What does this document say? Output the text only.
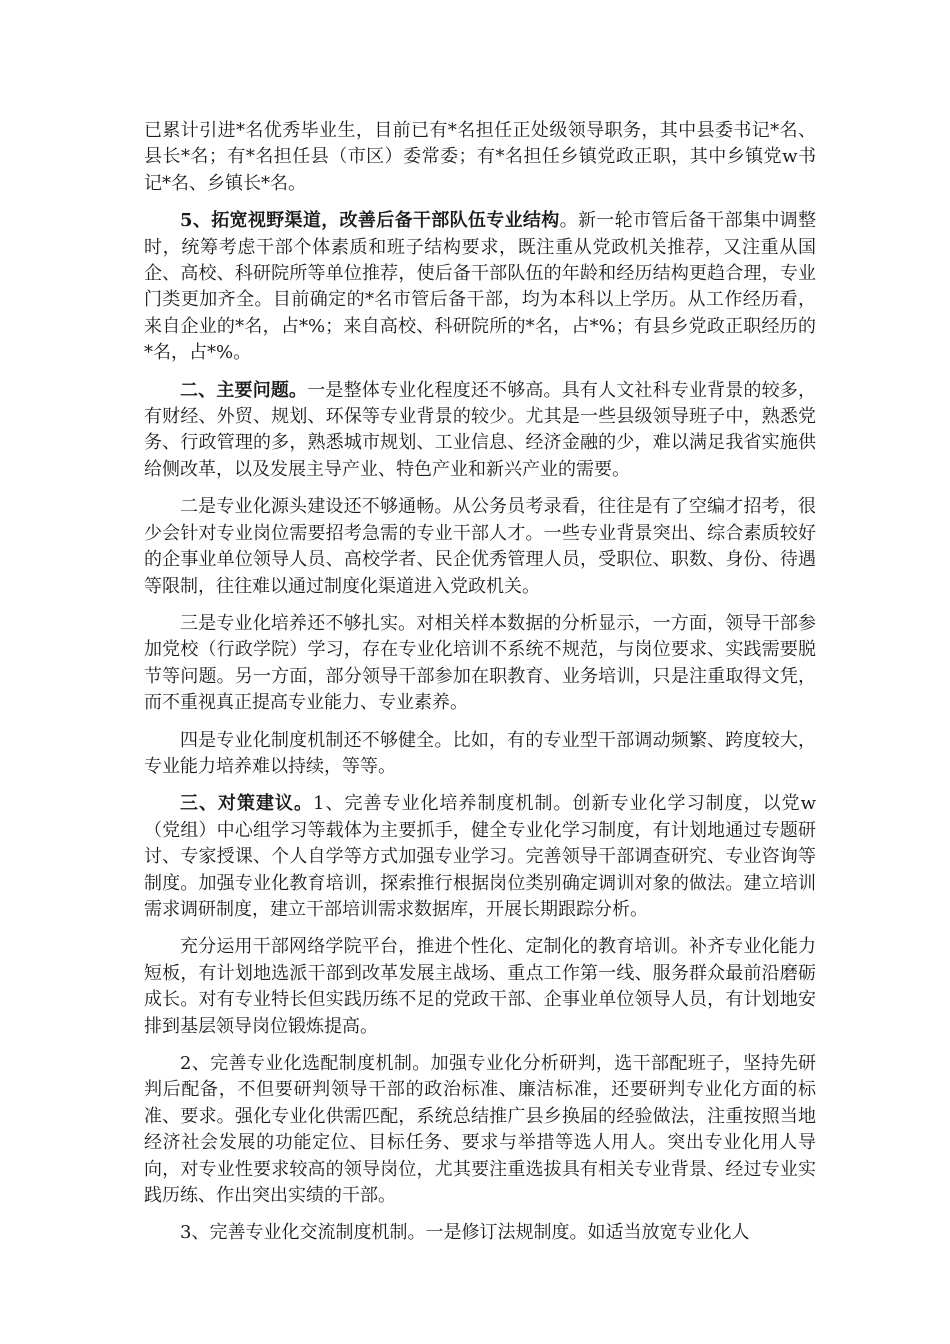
已累计引进*名优秀毕业生，目前已有*名担任正处级领导职务，其中县委书记*名、县长*名；有*名担任县（市区）委常委；有*名担任乡镇党政正职，其中乡镇党w书记*名、乡镇长*名。

5、拓宽视野渠道，改善后备干部队伍专业结构。新一轮市管后备干部集中调整时，统筹考虑干部个体素质和班子结构要求，既注重从党政机关推荐，又注重从国企、高校、科研院所等单位推荐，使后备干部队伍的年龄和经历结构更趋合理，专业门类更加齐全。目前确定的*名市管后备干部，均为本科以上学历。从工作经历看，来自企业的*名，占*%；来自高校、科研院所的*名，占*%；有县乡党政正职经历的*名，占*%。

二、主要问题。一是整体专业化程度还不够高。具有人文社科专业背景的较多，有财经、外贸、规划、环保等专业背景的较少。尤其是一些县级领导班子中，熟悉党务、行政管理的多，熟悉城市规划、工业信息、经济金融的少，难以满足我省实施供给侧改革，以及发展主导产业、特色产业和新兴产业的需要。

二是专业化源头建设还不够通畅。从公务员考录看，往往是有了空编才招考，很少会针对专业岗位需要招考急需的专业干部人才。一些专业背景突出、综合素质较好的企事业单位领导人员、高校学者、民企优秀管理人员，受职位、职数、身份、待遇等限制，往往难以通过制度化渠道进入党政机关。

三是专业化培养还不够扎实。对相关样本数据的分析显示，一方面，领导干部参加党校（行政学院）学习，存在专业化培训不系统不规范，与岗位要求、实践需要脱节等问题。另一方面，部分领导干部参加在职教育、业务培训，只是注重取得文凭，而不重视真正提高专业能力、专业素养。

四是专业化制度机制还不够健全。比如，有的专业型干部调动频繁、跨度较大，专业能力培养难以持续，等等。

三、对策建议。1、完善专业化培养制度机制。创新专业化学习制度，以党w（党组）中心组学习等载体为主要抓手，健全专业化学习制度，有计划地通过专题研讨、专家授课、个人自学等方式加强专业学习。完善领导干部调查研究、专业咨询等制度。加强专业化教育培训，探索推行根据岗位类别确定调训对象的做法。建立培训需求调研制度，建立干部培训需求数据库，开展长期跟踪分析。

充分运用干部网络学院平台，推进个性化、定制化的教育培训。补齐专业化能力短板，有计划地选派干部到改革发展主战场、重点工作第一线、服务群众最前沿磨砺成长。对有专业特长但实践历练不足的党政干部、企事业单位领导人员，有计划地安排到基层领导岗位锻炼提高。

2、完善专业化选配制度机制。加强专业化分析研判，选干部配班子，坚持先研判后配备，不但要研判领导干部的政治标准、廉洁标准，还要研判专业化方面的标准、要求。强化专业化供需匹配，系统总结推广县乡换届的经验做法，注重按照当地经济社会发展的功能定位、目标任务、要求与举措等选人用人。突出专业化用人导向，对专业性要求较高的领导岗位，尤其要注重选拔具有相关专业背景、经过专业实践历练、作出突出实绩的干部。

3、完善专业化交流制度机制。一是修订法规制度。如适当放宽专业化人
